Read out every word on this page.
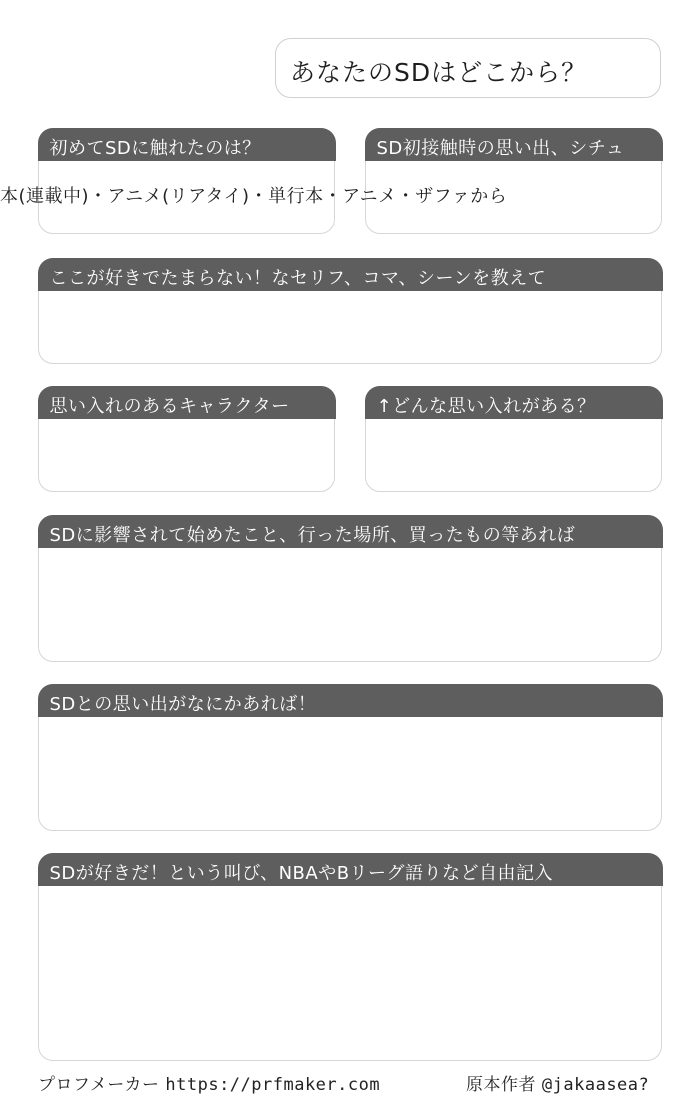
あなたのSDはどこから？
初めてSDに触れたのは？	SD初接触時の思い出、シチュ
ここが好きでたまらない！なセリフ、コマ、シーンを教えて
思い入れのあるキャラクター	↑どんな思い入れがある？
SDに影響されて始めたこと、行った場所、買ったもの等あれば
SDとの思い出がなにかあれば！
SDが好きだ！という叫び、NBAやBリーグ語りなど自由記入
本(連載中)・アニメ(リアタイ)・単行本・アニメ・ザファから
プロフメーカー https://prfmaker.com	原本作者 @jakaasea?
